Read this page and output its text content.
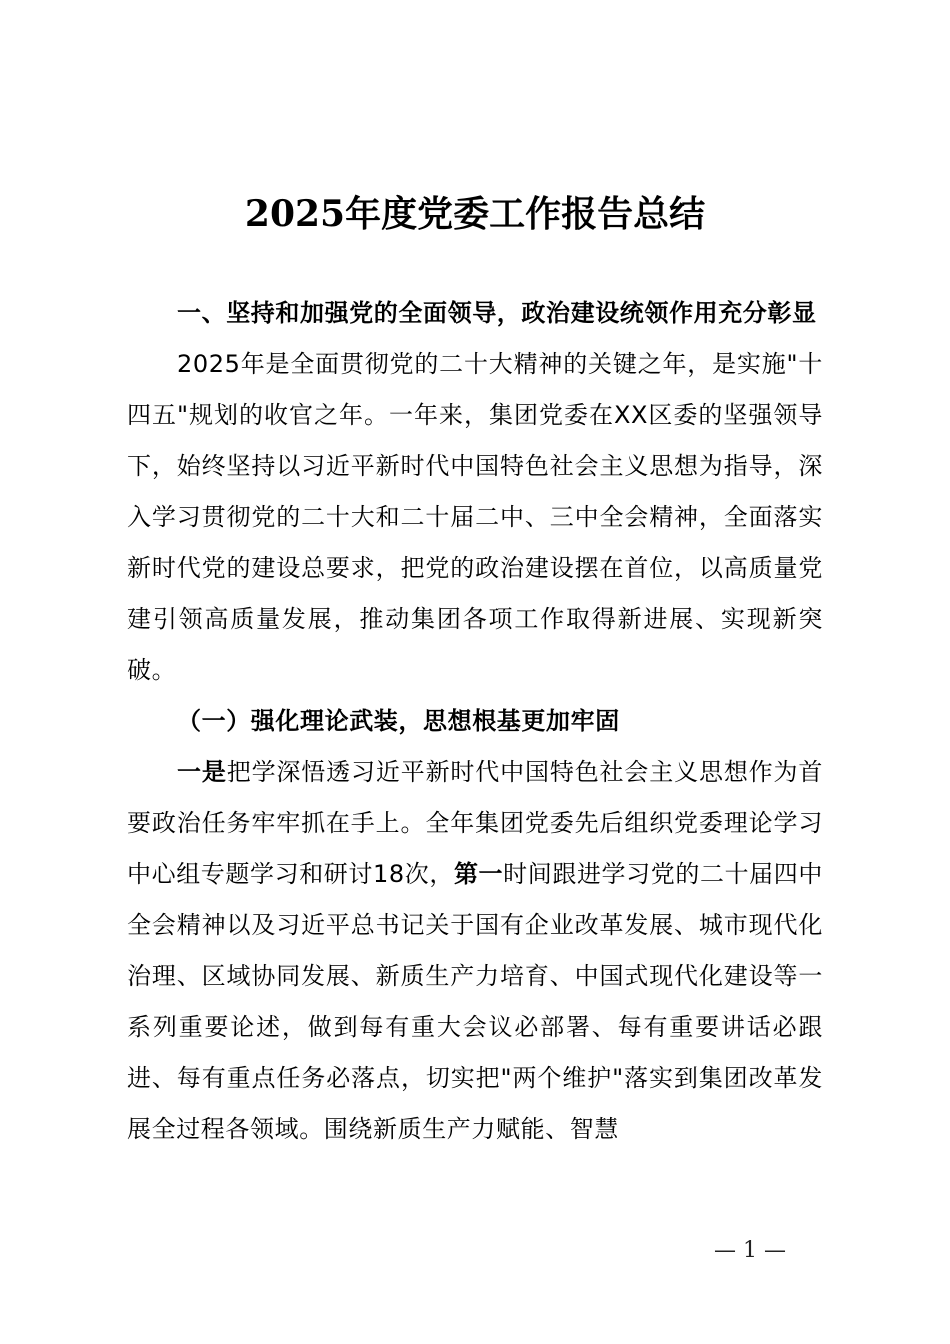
2025年度党委工作报告总结

一、坚持和加强党的全面领导，政治建设统领作用充分彰显

2025年是全面贯彻党的二十大精神的关键之年，是实施"十四五"规划的收官之年。一年来，集团党委在XX区委的坚强领导下，始终坚持以习近平新时代中国特色社会主义思想为指导，深入学习贯彻党的二十大和二十届二中、三中全会精神，全面落实新时代党的建设总要求，把党的政治建设摆在首位，以高质量党建引领高质量发展，推动集团各项工作取得新进展、实现新突破。

（一）强化理论武装，思想根基更加牢固

一是把学深悟透习近平新时代中国特色社会主义思想作为首要政治任务牢牢抓在手上。全年集团党委先后组织党委理论学习中心组专题学习和研讨18次，第一时间跟进学习党的二十届四中全会精神以及习近平总书记关于国有企业改革发展、城市现代化治理、区域协同发展、新质生产力培育、中国式现代化建设等一系列重要论述，做到每有重大会议必部署、每有重要讲话必跟进、每有重点任务必落点，切实把"两个维护"落实到集团改革发展全过程各领域。围绕新质生产力赋能、智慧

— 1 —
